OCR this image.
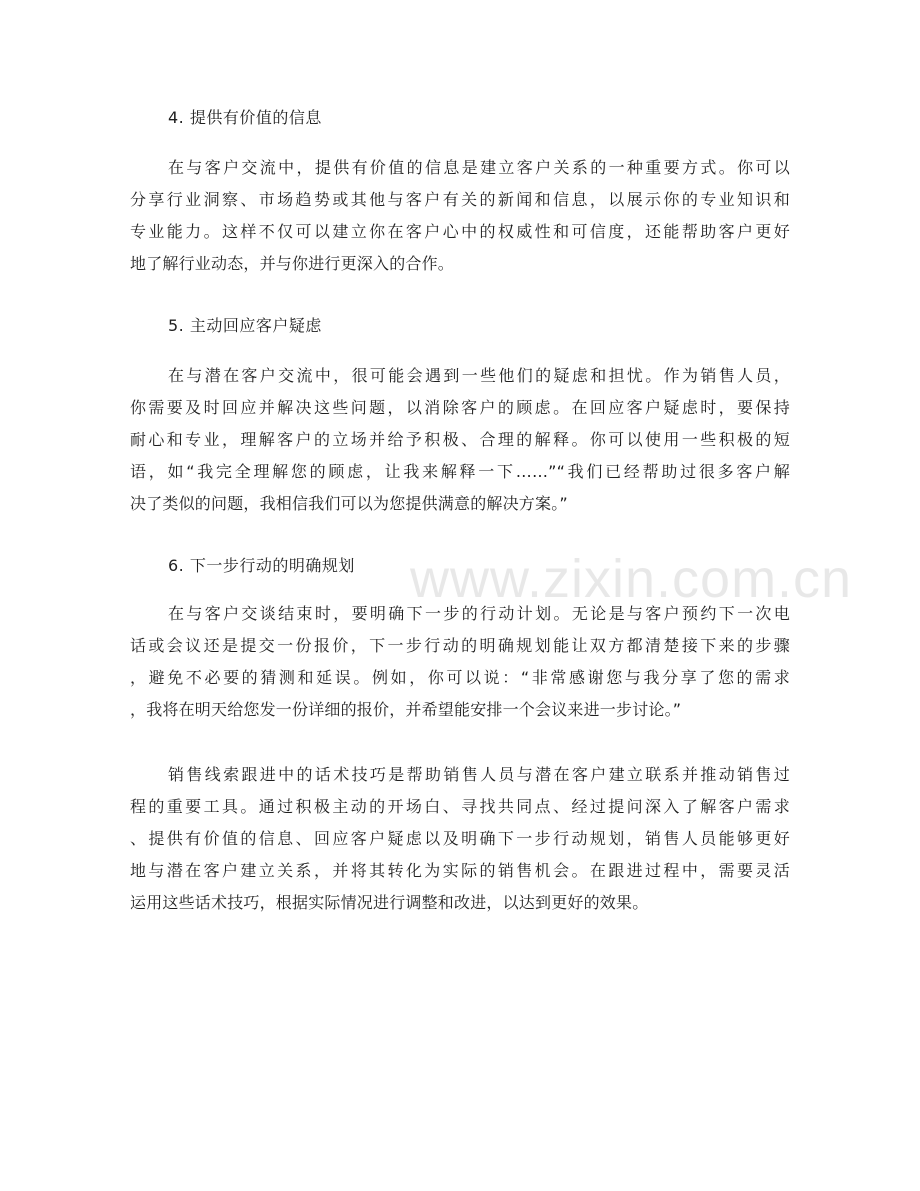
4. 提供有价值的信息
在与客户交流中，提供有价值的信息是建立客户关系的一种重要方式。你可以
分享行业洞察、市场趋势或其他与客户有关的新闻和信息，以展示你的专业知识和
专业能力。这样不仅可以建立你在客户心中的权威性和可信度，还能帮助客户更好
地了解行业动态，并与你进行更深入的合作。
5. 主动回应客户疑虑
在与潜在客户交流中，很可能会遇到一些他们的疑虑和担忧。作为销售人员，
你需要及时回应并解决这些问题，以消除客户的顾虑。在回应客户疑虑时，要保持
耐心和专业，理解客户的立场并给予积极、合理的解释。你可以使用一些积极的短
语，如“我完全理解您的顾虑，让我来解释一下……”“我们已经帮助过很多客户解
决了类似的问题，我相信我们可以为您提供满意的解决方案。”
6. 下一步行动的明确规划
在与客户交谈结束时，要明确下一步的行动计划。无论是与客户预约下一次电
话或会议还是提交一份报价，下一步行动的明确规划能让双方都清楚接下来的步骤
，避免不必要的猜测和延误。例如，你可以说：“非常感谢您与我分享了您的需求
，我将在明天给您发一份详细的报价，并希望能安排一个会议来进一步讨论。”
销售线索跟进中的话术技巧是帮助销售人员与潜在客户建立联系并推动销售过
程的重要工具。通过积极主动的开场白、寻找共同点、经过提问深入了解客户需求
、提供有价值的信息、回应客户疑虑以及明确下一步行动规划，销售人员能够更好
地与潜在客户建立关系，并将其转化为实际的销售机会。在跟进过程中，需要灵活
运用这些话术技巧，根据实际情况进行调整和改进，以达到更好的效果。
www.zixin.com.cn
